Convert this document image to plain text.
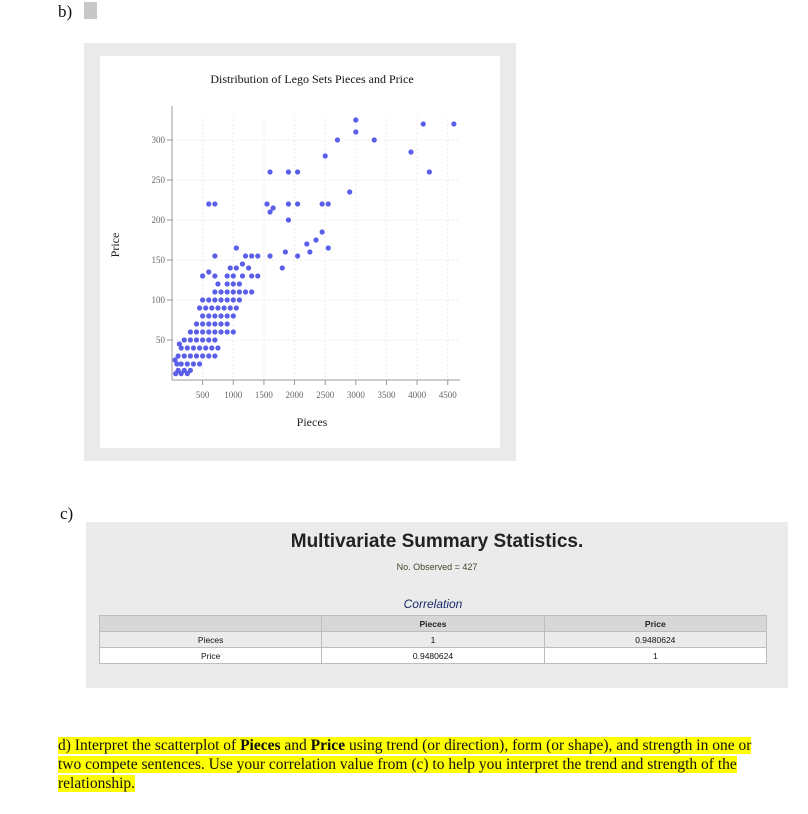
b)
Distribution of Lego Sets Pieces and Price
50
100
150
200
250
300
500 1000 1500 2000 2500 3000 3500 4000 4500
Pieces
Price
c)
Multivariate Summary Statistics.
No. Observed = 427
Correlation
	Pieces	Price
Pieces	1	0.9480624
Price	0.9480624	1
d) Interpret the scatterplot of Pieces and Price using trend (or direction), form (or shape), and strength in one or two compete sentences. Use your correlation value from (c) to help you interpret the trend and strength of the relationship.
